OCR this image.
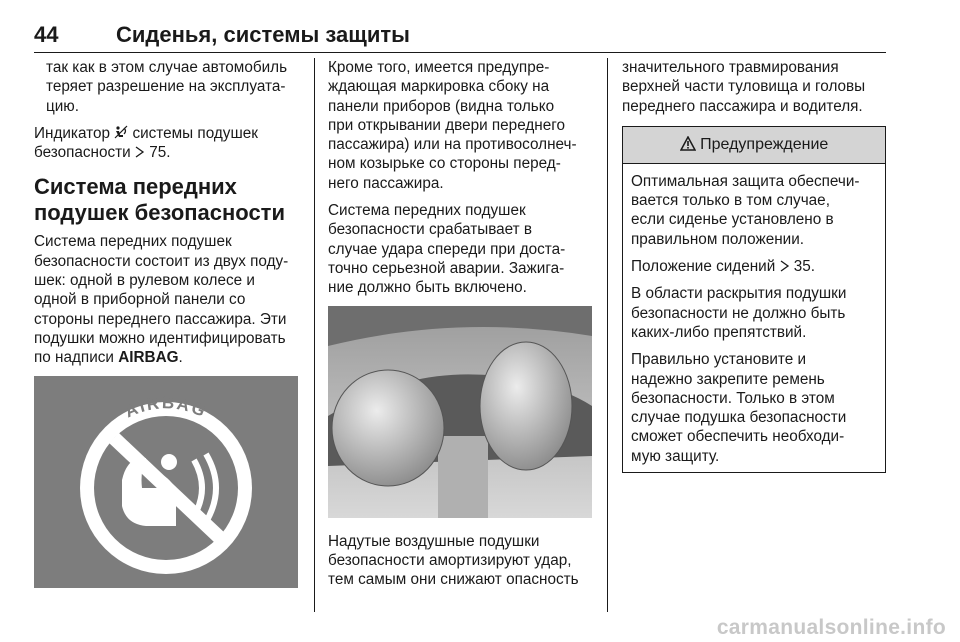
44	Сиденья, системы защиты
так как в этом случае автомобиль
теряет разрешение на эксплуата-
цию.
Индикатор системы подушек
безопасности 75.
Система передних
подушек безопасности
Система передних подушек
безопасности состоит из двух поду-
шек: одной в рулевом колесе и
одной в приборной панели со
стороны переднего пассажира. Эти
подушки можно идентифицировать
по надписи AIRBAG.
AIRBAG
Кроме того, имеется предупре-
ждающая маркировка сбоку на
панели приборов (видна только
при открывании двери переднего
пассажира) или на противосолнеч-
ном козырьке со стороны перед-
него пассажира.
Система передних подушек
безопасности срабатывает в
случае удара спереди при доста-
точно серьезной аварии. Зажига-
ние должно быть включено.
Надутые воздушные подушки
безопасности амортизируют удар,
тем самым они снижают опасность
значительного травмирования
верхней части туловища и головы
переднего пассажира и водителя.
Предупреждение
Оптимальная защита обеспечи-
вается только в том случае,
если сиденье установлено в
правильном положении.
Положение сидений 35.
В области раскрытия подушки
безопасности не должно быть
каких-либо препятствий.
Правильно установите и
надежно закрепите ремень
безопасности. Только в этом
случае подушка безопасности
сможет обеспечить необходи-
мую защиту.
carmanualsonline.info
